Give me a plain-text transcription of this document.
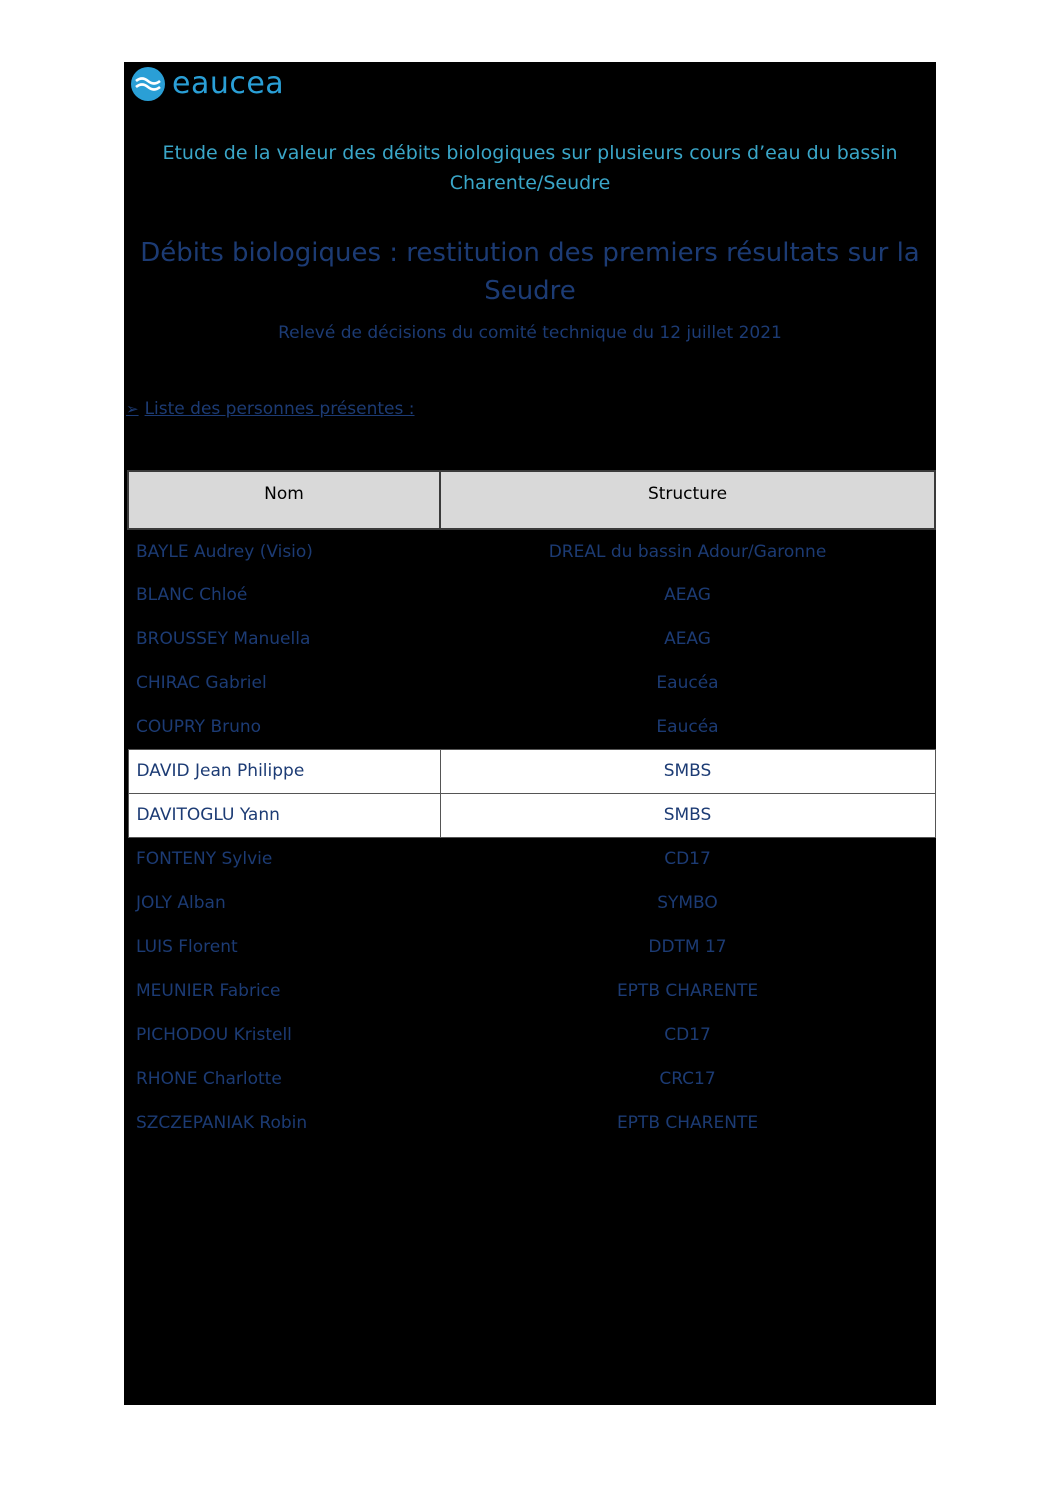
eaucea
Etude de la valeur des débits biologiques sur plusieurs cours d’eau du bassin Charente/Seudre
Débits biologiques : restitution des premiers résultats sur la Seudre
Relevé de décisions du comité technique du 12 juillet 2021
➢ Liste des personnes présentes :
Nom	Structure
BAYLE Audrey (Visio)	DREAL du bassin Adour/Garonne
BLANC Chloé	AEAG
BROUSSEY Manuella	AEAG
CHIRAC Gabriel	Eaucéa
COUPRY Bruno	Eaucéa
DAVID Jean Philippe	SMBS
DAVITOGLU Yann	SMBS
FONTENY Sylvie	CD17
JOLY Alban	SYMBO
LUIS Florent	DDTM 17
MEUNIER Fabrice	EPTB CHARENTE
PICHODOU Kristell	CD17
RHONE Charlotte	CRC17
SZCZEPANIAK Robin	EPTB CHARENTE
